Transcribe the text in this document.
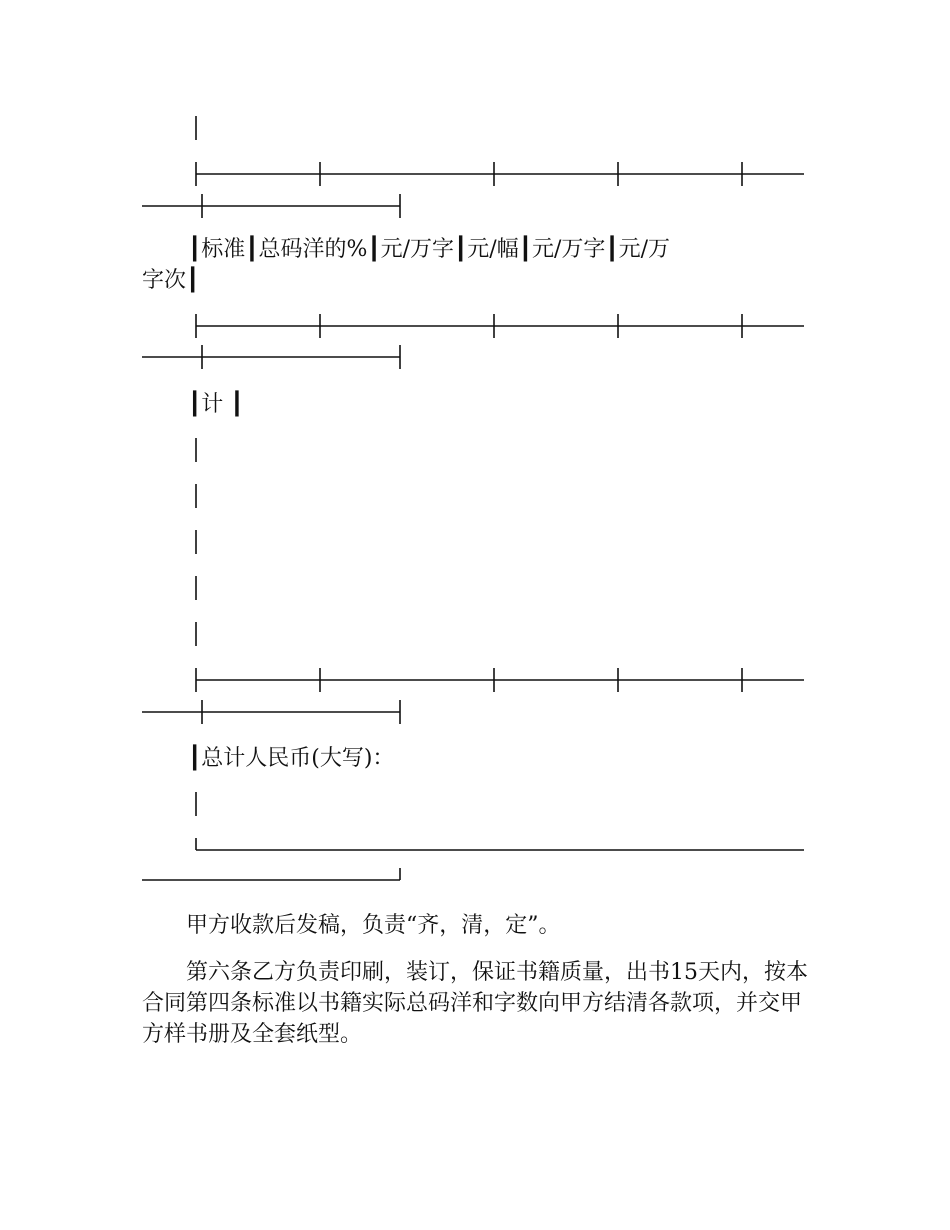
┃标准┃总码洋的%┃元/万字┃元/幅┃元/万字┃元/万
字次┃
┃计 ┃
┃总计人民币(大写)：
甲方收款后发稿，负责“齐，清，定”。
第六条乙方负责印刷，装订，保证书籍质量，出书15天内，按本合同第四条标准以书籍实际总码洋和字数向甲方结清各款项，并交甲方样书册及全套纸型。
